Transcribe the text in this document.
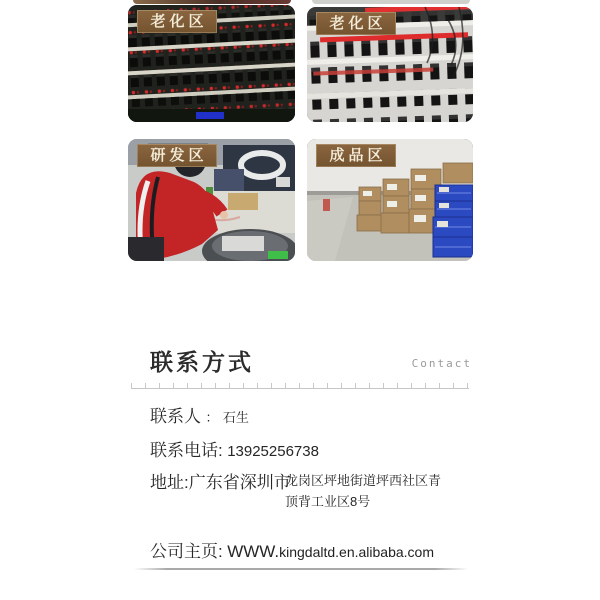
老化区	老化区
研发区	成品区
联系方式	Contact
联系人 ： 石生
联系电话: 13925256738
地址:广东省深圳市
龙岗区坪地街道坪西社区青
顶背工业区8号
公司主页: WWW.kingdaltd.en.alibaba.com
